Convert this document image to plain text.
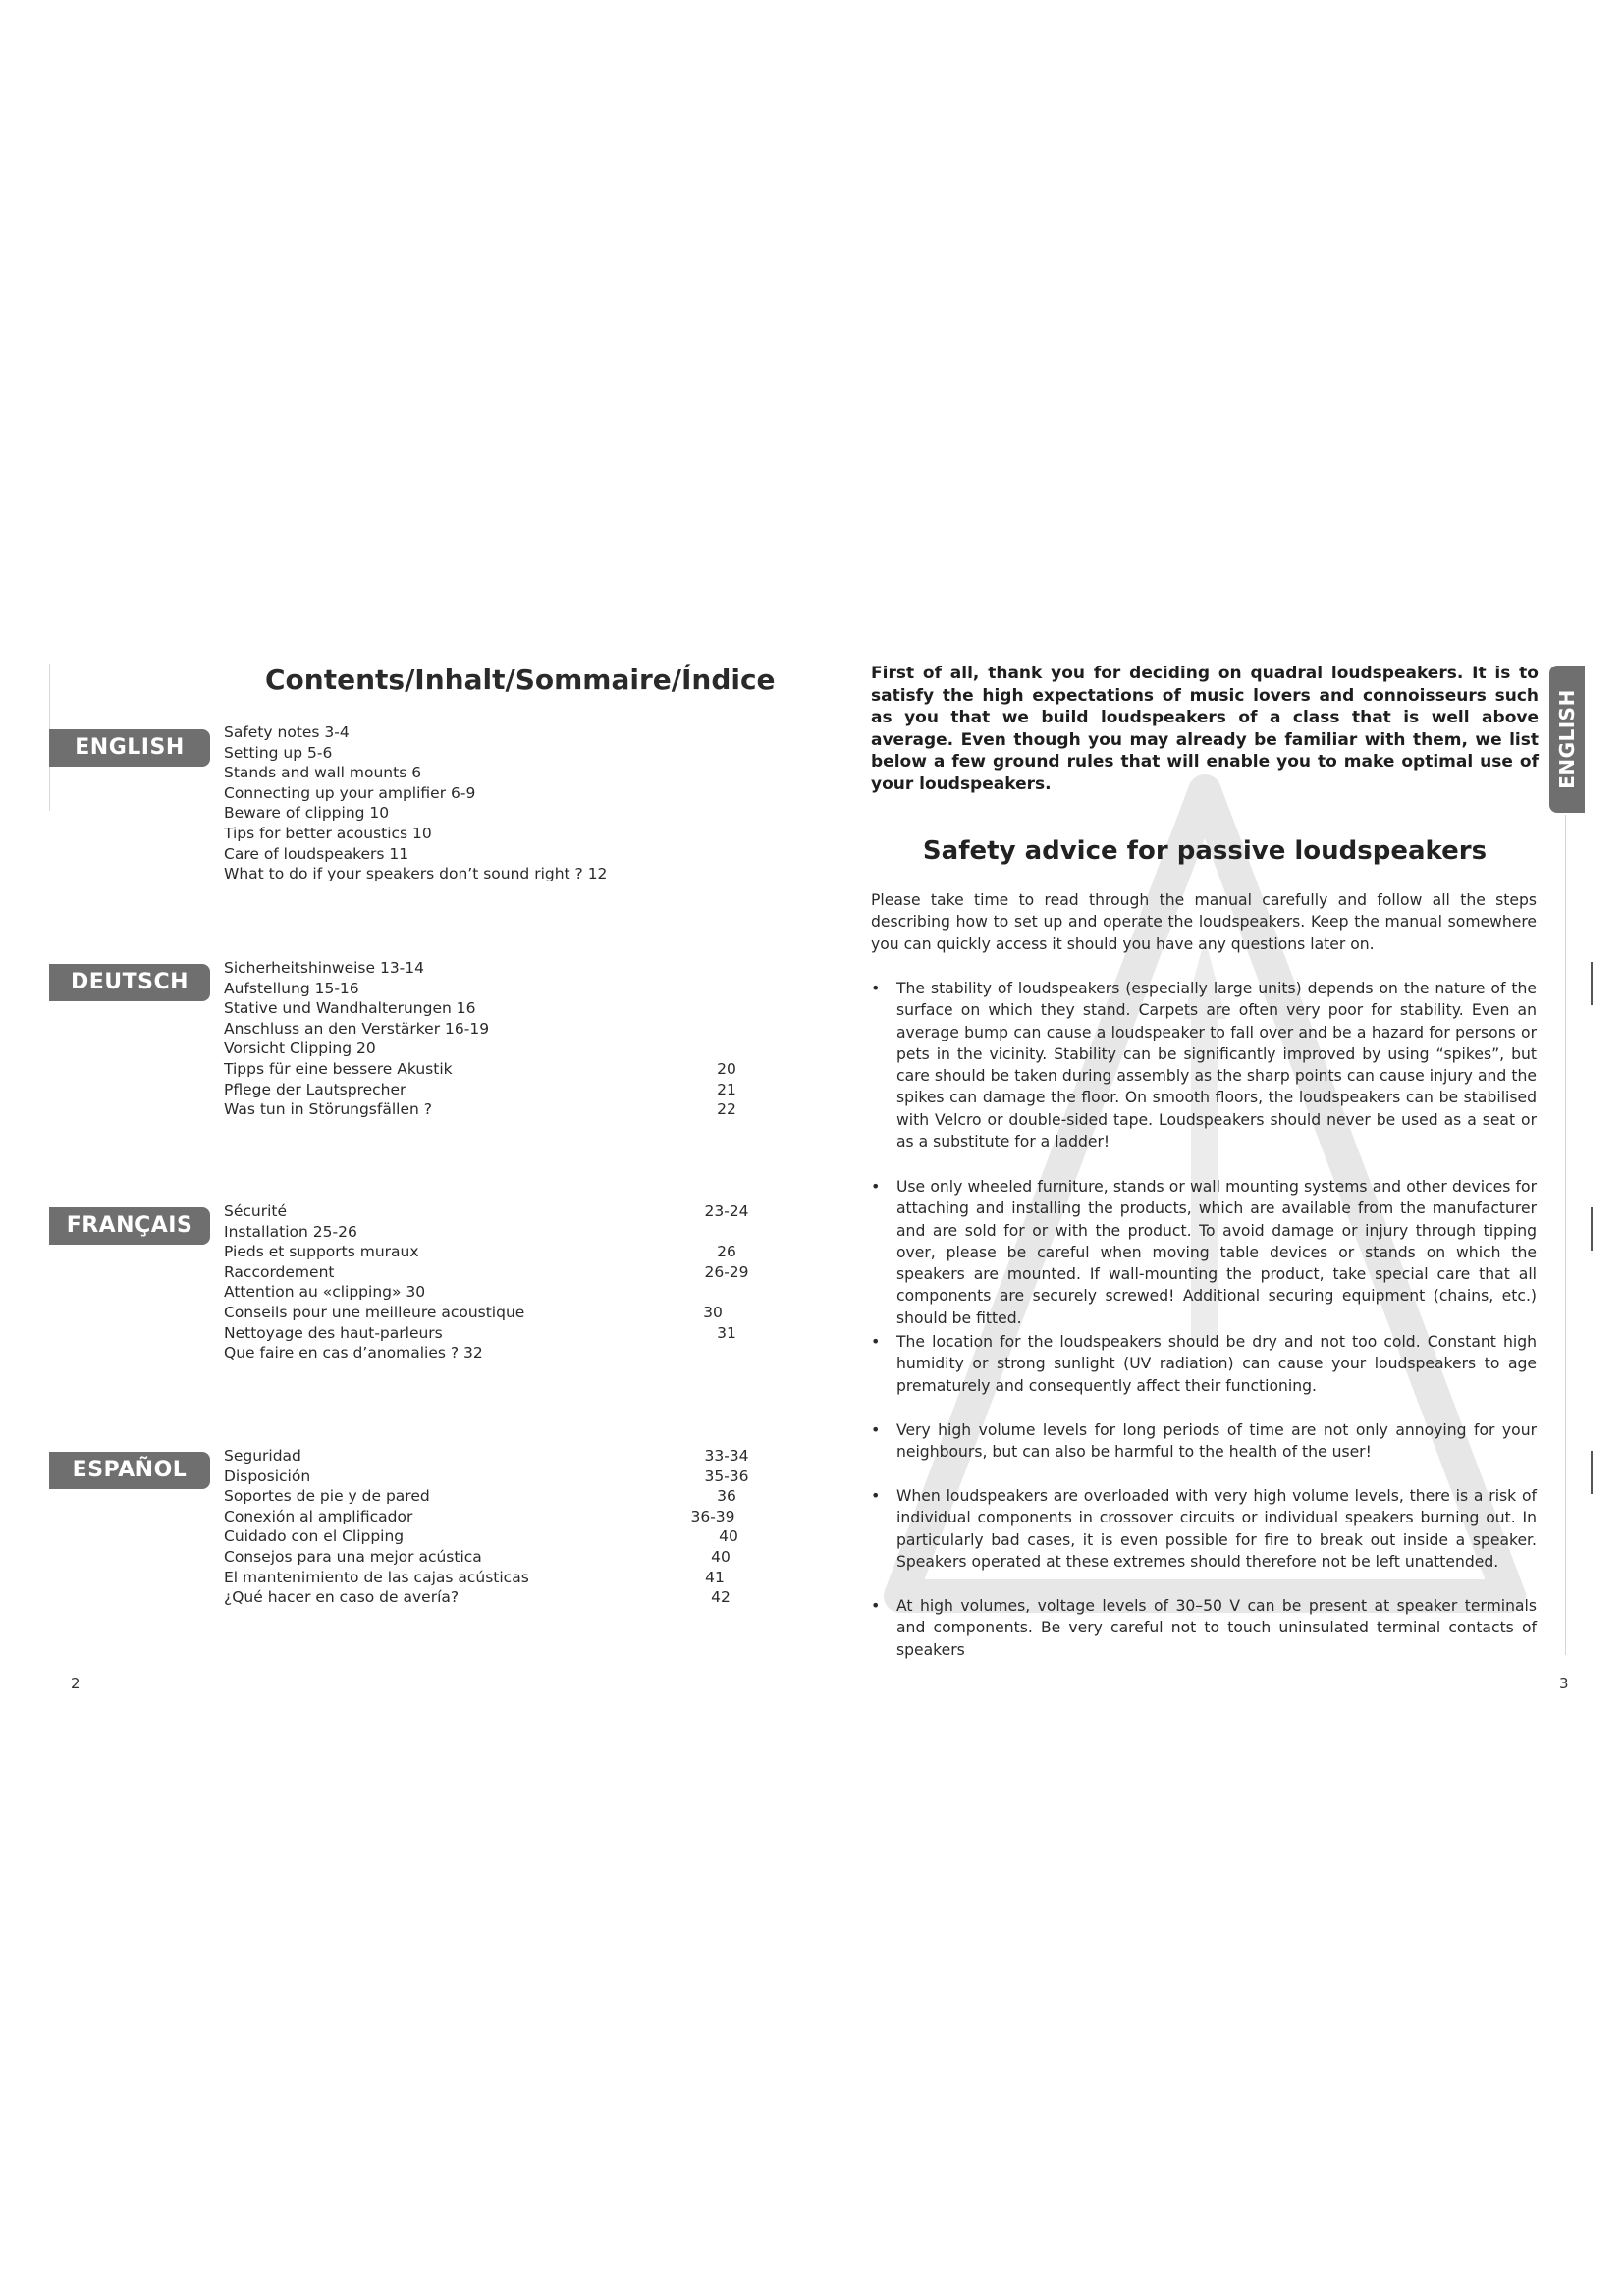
Contents/Inhalt/Sommaire/Índice
ENGLISH
Safety notes 3-4
Setting up 5-6
Stands and wall mounts 6
Connecting up your amplifier 6-9
Beware of clipping 10
Tips for better acoustics 10
Care of loudspeakers 11
What to do if your speakers don’t sound right ? 12
DEUTSCH
Sicherheitshinweise 13-14
Aufstellung 15-16
Stative und Wandhalterungen 16
Anschluss an den Verstärker 16-19
Vorsicht Clipping 20
Tipps für eine bessere Akustik	20
Pflege der Lautsprecher	21
Was tun in Störungsfällen ?	22
FRANÇAIS
Sécurité	23-24
Installation 25-26
Pieds et supports muraux	26
Raccordement	26-29
Attention au «clipping» 30
Conseils pour une meilleure acoustique	30
Nettoyage des haut-parleurs	31
Que faire en cas d’anomalies ? 32
ESPAÑOL
Seguridad	33-34
Disposición	35-36
Soportes de pie y de pared	36
Conexión al amplificador	36-39
Cuidado con el Clipping	40
Consejos para una mejor acústica	40
El mantenimiento de las cajas acústicas	41
¿Qué hacer en caso de avería?	42
2
First of all, thank you for deciding on quadral loudspeakers. It is to satisfy the high expectations of music lovers and connoisseurs such as you that we build loudspeakers of a class that is well above average. Even though you may already be familiar with them, we list below a few ground rules that will enable you to make optimal use of your loudspeakers.
Safety advice for passive loudspeakers
Please take time to read through the manual carefully and follow all the steps describing how to set up and operate the loudspeakers. Keep the manual somewhere you can quickly access it should you have any questions later on.
• The stability of loudspeakers (especially large units) depends on the nature of the surface on which they stand. Carpets are often very poor for stability. Even an average bump can cause a loudspeaker to fall over and be a hazard for persons or pets in the vicinity. Stability can be significantly improved by using “spikes”, but care should be taken during assembly as the sharp points can cause injury and the spikes can damage the floor. On smooth floors, the loudspeakers can be stabilised with Velcro or double-sided tape. Loudspeakers should never be used as a seat or as a substitute for a ladder!
• Use only wheeled furniture, stands or wall mounting systems and other devices for attaching and installing the products, which are available from the manufacturer and are sold for or with the product. To avoid damage or injury through tipping over, please be careful when moving table devices or stands on which the speakers are mounted. If wall-mounting the product, take special care that all components are securely screwed! Additional securing equipment (chains, etc.) should be fitted.
• The location for the loudspeakers should be dry and not too cold. Constant high humidity or strong sunlight (UV radiation) can cause your loudspeakers to age prematurely and consequently affect their functioning.
• Very high volume levels for long periods of time are not only annoying for your neighbours, but can also be harmful to the health of the user!
• When loudspeakers are overloaded with very high volume levels, there is a risk of individual components in crossover circuits or individual speakers burning out. In particularly bad cases, it is even possible for fire to break out inside a speaker. Speakers operated at these extremes should therefore not be left unattended.
• At high volumes, voltage levels of 30–50 V can be present at speaker terminals and components. Be very careful not to touch uninsulated terminal contacts of speakers
ENGLISH
3
